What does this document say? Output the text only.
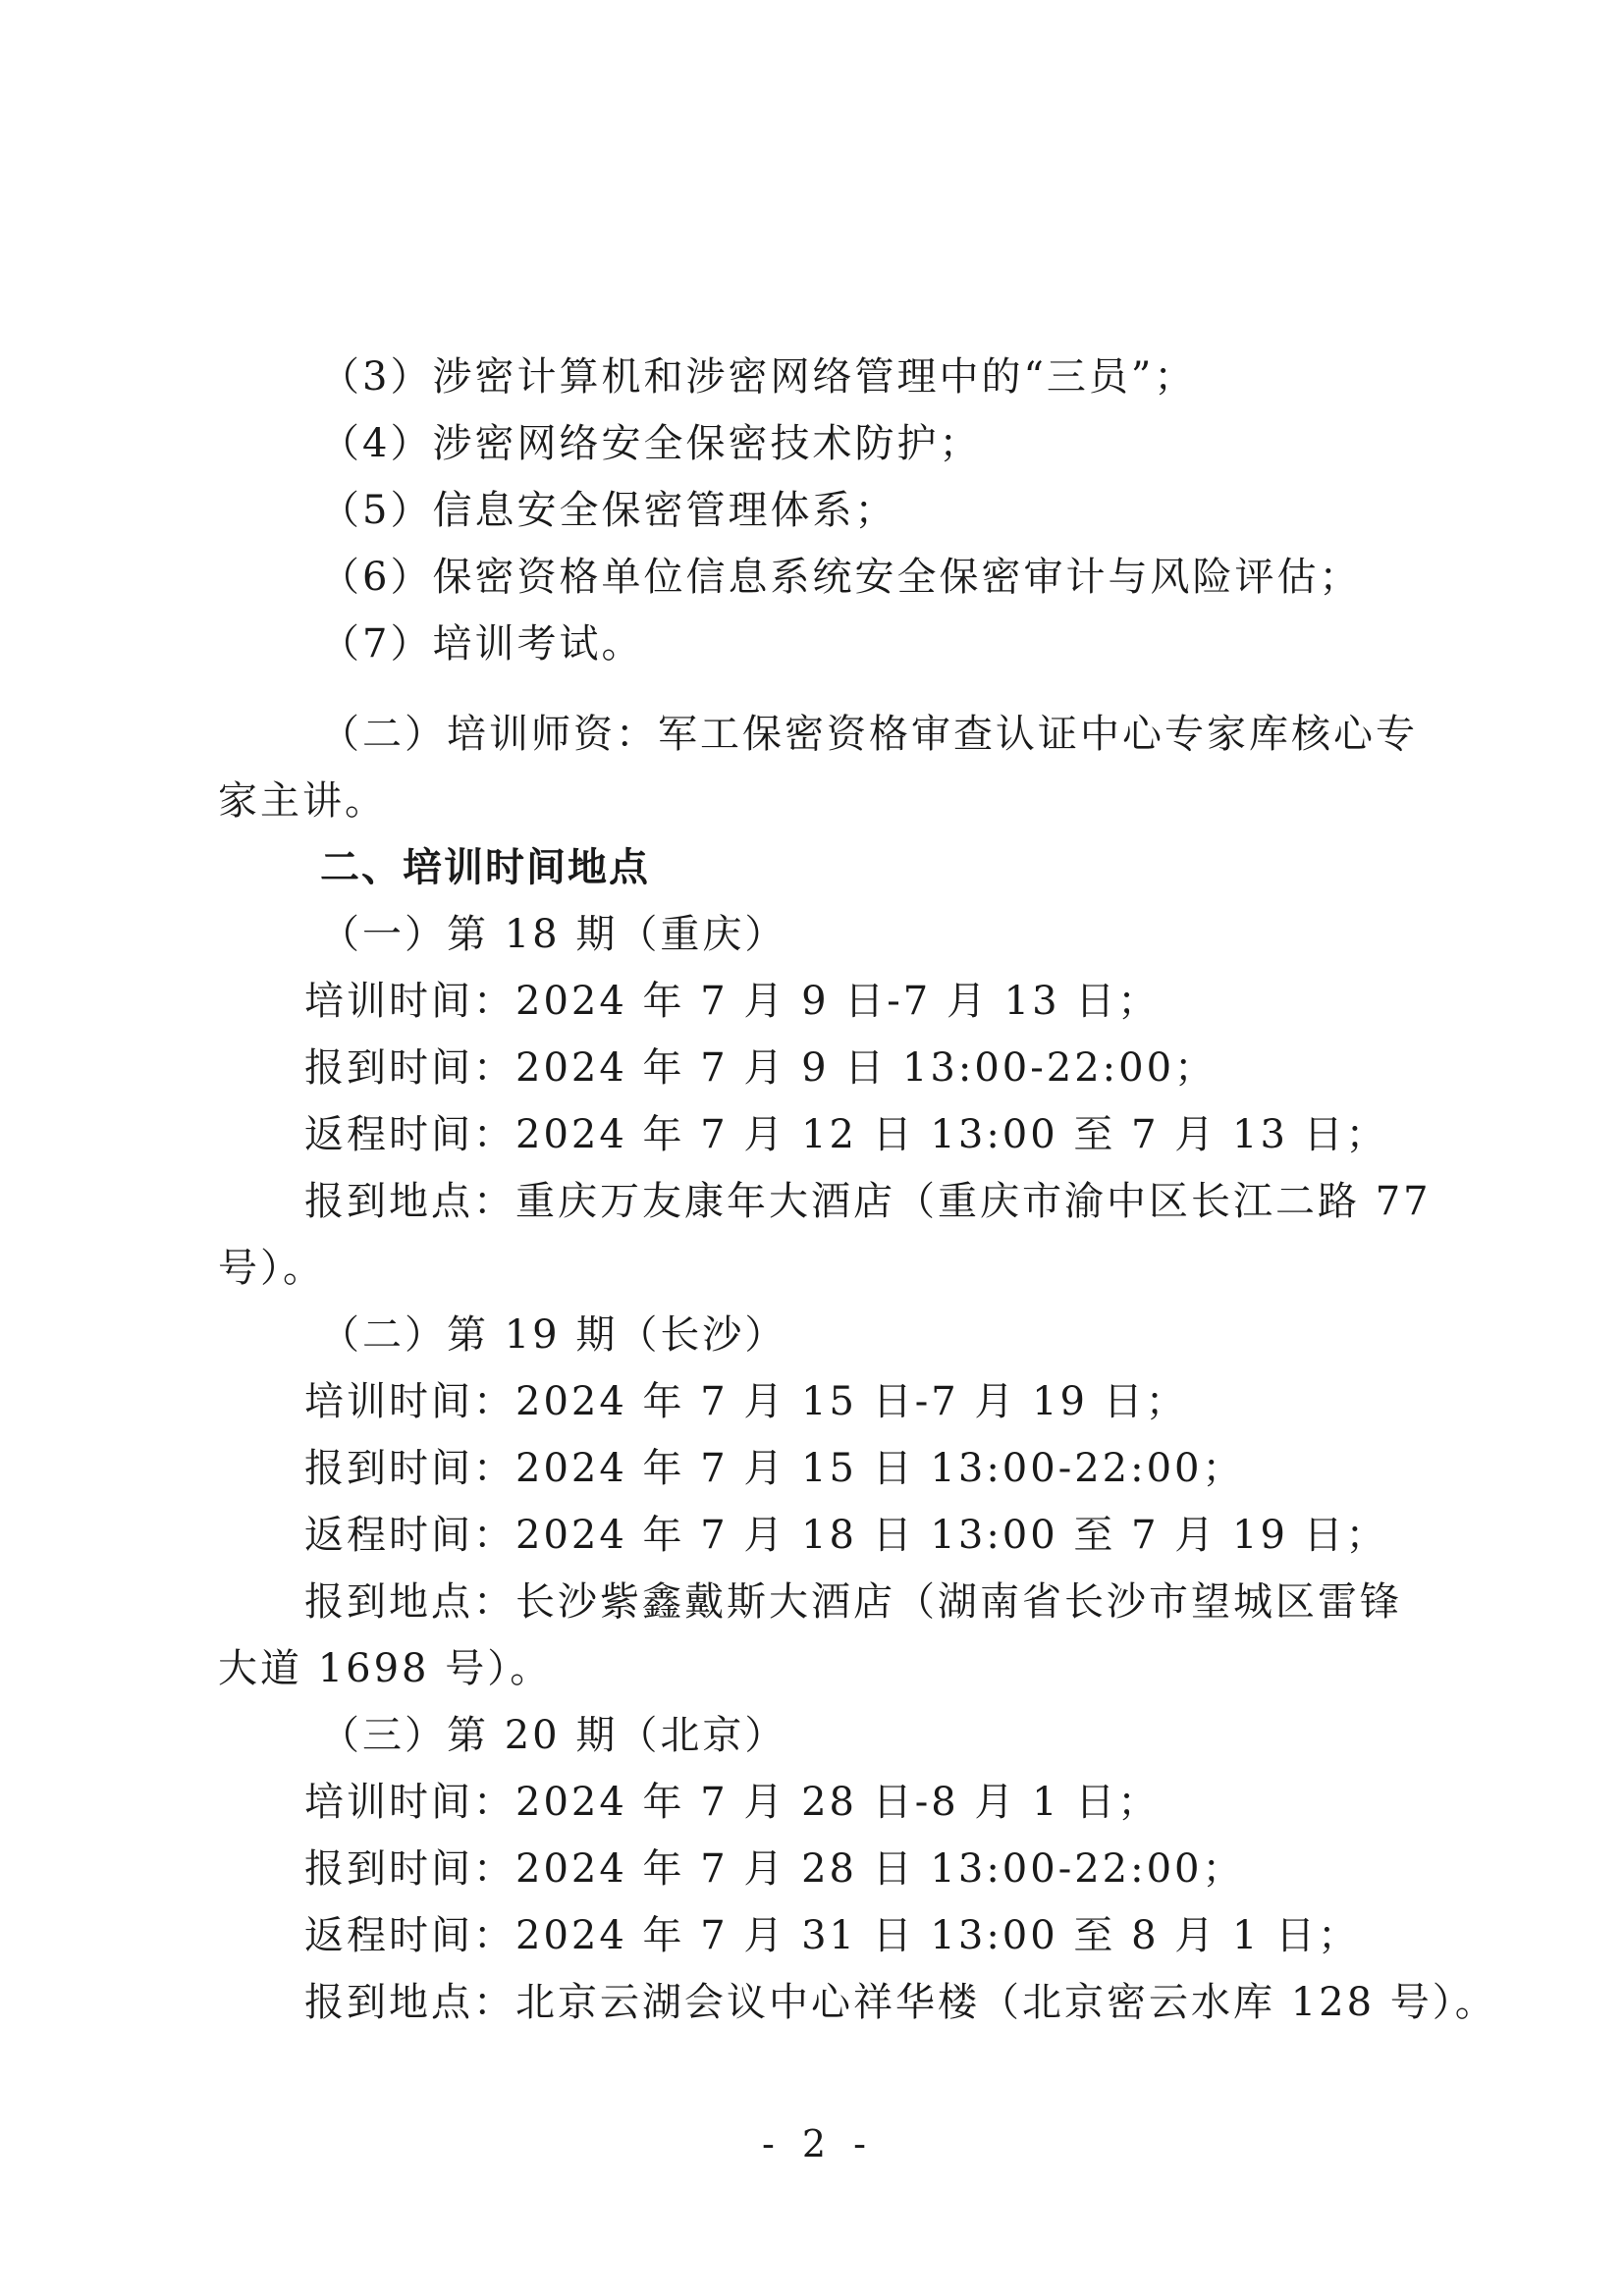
（3）涉密计算机和涉密网络管理中的“三员”；
（4）涉密网络安全保密技术防护；
（5）信息安全保密管理体系；
（6）保密资格单位信息系统安全保密审计与风险评估；
（7）培训考试。
（二）培训师资：军工保密资格审查认证中心专家库核心专
家主讲。
二、培训时间地点
（一）第 18 期（重庆）
培训时间：2024 年 7 月 9 日-7 月 13 日；
报到时间：2024 年 7 月 9 日 13:00-22:00；
返程时间：2024 年 7 月 12 日 13:00 至 7 月 13 日；
报到地点：重庆万友康年大酒店（重庆市渝中区长江二路 77
号）。
（二）第 19 期（长沙）
培训时间：2024 年 7 月 15 日-7 月 19 日；
报到时间：2024 年 7 月 15 日 13:00-22:00；
返程时间：2024 年 7 月 18 日 13:00 至 7 月 19 日；
报到地点：长沙紫鑫戴斯大酒店（湖南省长沙市望城区雷锋
大道 1698 号）。
（三）第 20 期（北京）
培训时间：2024 年 7 月 28 日-8 月 1 日；
报到时间：2024 年 7 月 28 日 13:00-22:00；
返程时间：2024 年 7 月 31 日 13:00 至 8 月 1 日；
报到地点：北京云湖会议中心祥华楼（北京密云水库 128 号）。
- 2 -
